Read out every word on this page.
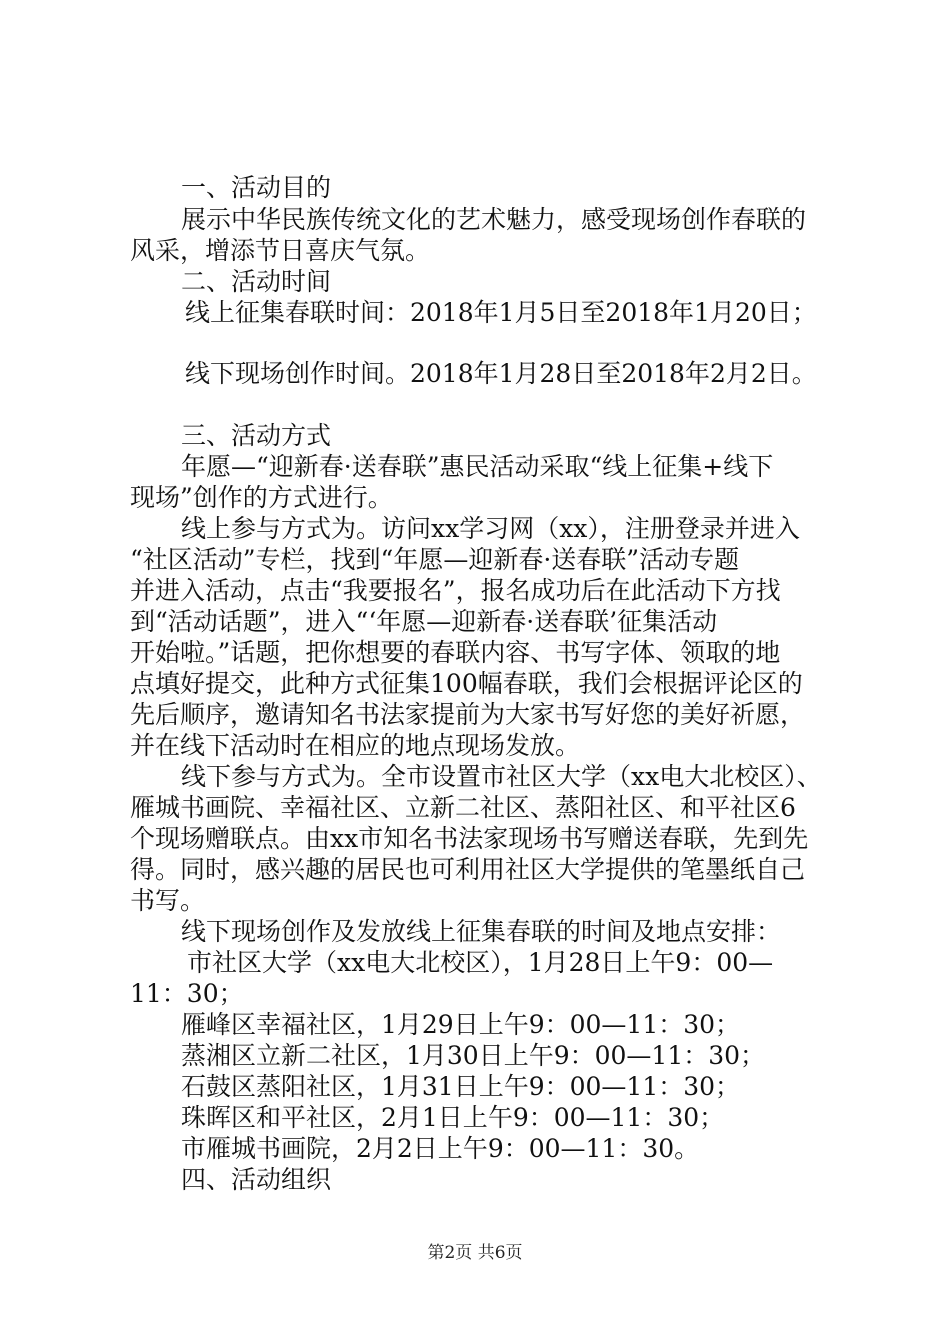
一、活动目的

展示中华民族传统文化的艺术魅力，感受现场创作春联的

风采，增添节日喜庆气氛。

二、活动时间

线上征集春联时间：2018年1月5日至2018年1月20日；

线下现场创作时间。2018年1月28日至2018年2月2日。

三、活动方式

年愿—“迎新春·送春联”惠民活动采取“线上征集+线下

现场”创作的方式进行。

线上参与方式为。访问xx学习网（xx），注册登录并进入

“社区活动”专栏，找到“年愿—迎新春·送春联”活动专题

并进入活动，点击“我要报名”，报名成功后在此活动下方找

到“活动话题”，进入“‘年愿—迎新春·送春联’征集活动

开始啦。”话题，把你想要的春联内容、书写字体、领取的地

点填好提交，此种方式征集100幅春联，我们会根据评论区的

先后顺序，邀请知名书法家提前为大家书写好您的美好祈愿，

并在线下活动时在相应的地点现场发放。

线下参与方式为。全市设置市社区大学（xx电大北校区）、

雁城书画院、幸福社区、立新二社区、蒸阳社区、和平社区6

个现场赠联点。由xx市知名书法家现场书写赠送春联，先到先

得。同时，感兴趣的居民也可利用社区大学提供的笔墨纸自己

书写。

线下现场创作及发放线上征集春联的时间及地点安排：

市社区大学（xx电大北校区），1月28日上午9：00—

11：30；

雁峰区幸福社区，1月29日上午9：00—11：30；

蒸湘区立新二社区，1月30日上午9：00—11：30；

石鼓区蒸阳社区，1月31日上午9：00—11：30；

珠晖区和平社区，2月1日上午9：00—11：30；

市雁城书画院，2月2日上午9：00—11：30。

四、活动组织

第2页 共6页
